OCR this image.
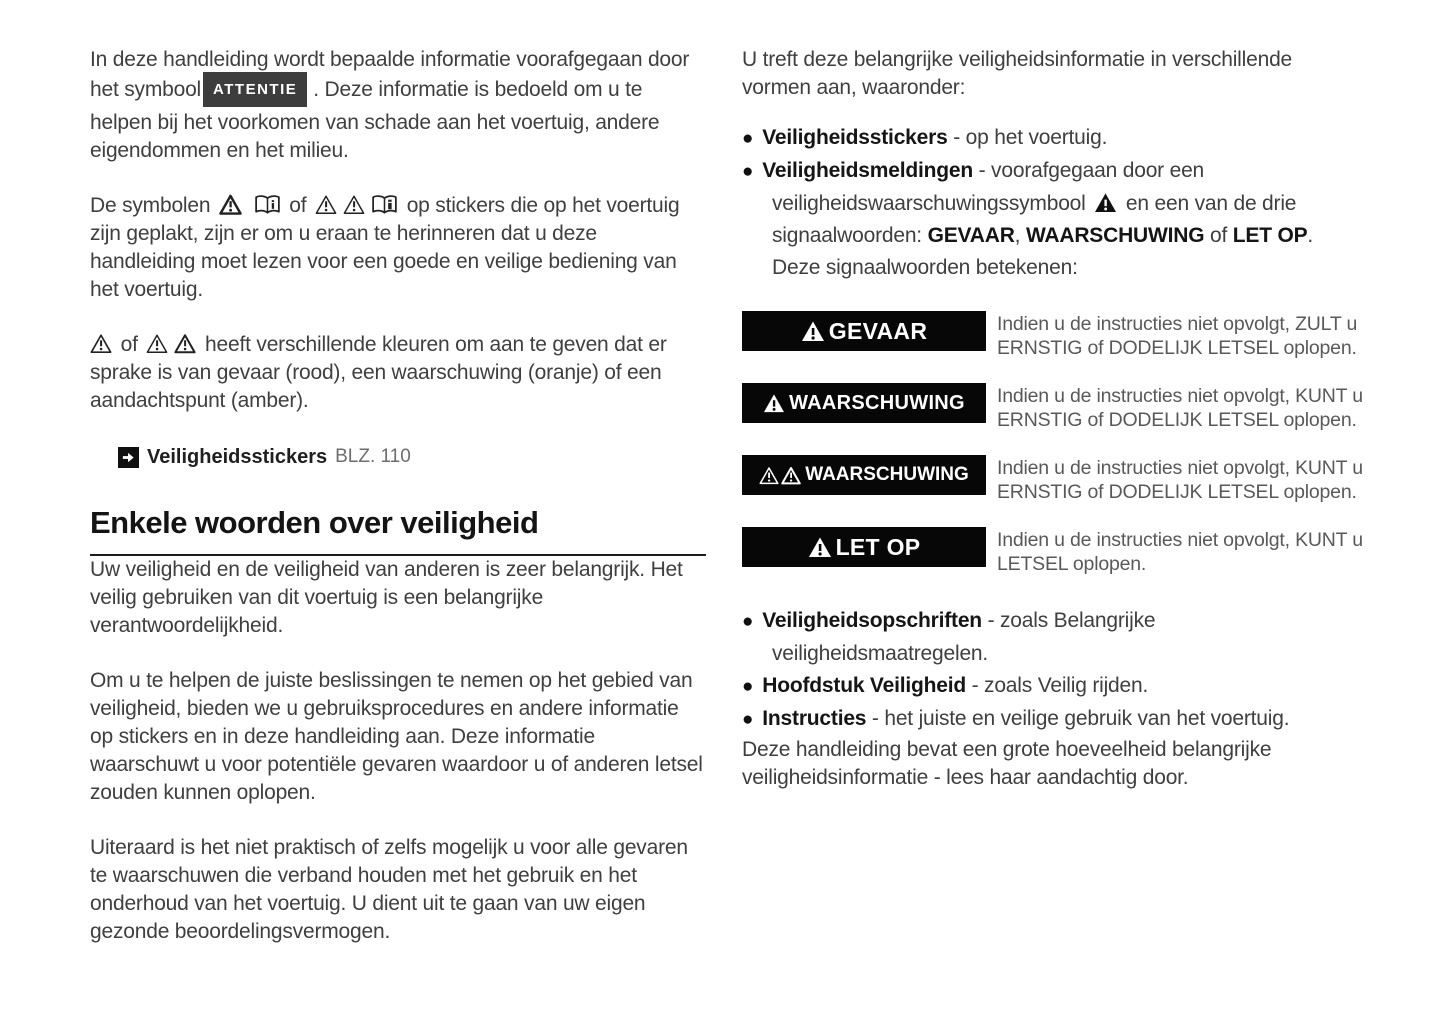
In deze handleiding wordt bepaalde informatie voorafgegaan door het symbool ATTENTIE . Deze informatie is bedoeld om u te helpen bij het voorkomen van schade aan het voertuig, andere eigendommen en het milieu.

De symbolen
	of	op stickers die op het voertuig zijn geplakt, zijn er om u eraan te herinneren dat u deze handleiding moet lezen voor een goede en veilige bediening van het voertuig.

of	heeft verschillende kleuren om aan te geven dat er sprake is van gevaar (rood), een waarschuwing (oranje) of een aandachtspunt (amber).

Veiligheidsstickers BLZ. 110
Enkele woorden over veiligheid

Uw veiligheid en de veiligheid van anderen is zeer belangrijk. Het veilig gebruiken van dit voertuig is een belangrijke verantwoordelijkheid.

Om u te helpen de juiste beslissingen te nemen op het gebied van veiligheid, bieden we u gebruiksprocedures en andere informatie op stickers en in deze handleiding aan. Deze informatie waarschuwt u voor potentiële gevaren waardoor u of anderen letsel zouden kunnen oplopen.

Uiteraard is het niet praktisch of zelfs mogelijk u voor alle gevaren te waarschuwen die verband houden met het gebruik en het onderhoud van het voertuig. U dient uit te gaan van uw eigen gezonde beoordelingsvermogen.

U treft deze belangrijke veiligheidsinformatie in verschillende vormen aan, waaronder:

● Veiligheidsstickers - op het voertuig.
● Veiligheidsmeldingen - voorafgegaan door een veiligheidswaarschuwingssymbool en een van de drie signaalwoorden: GEVAAR, WAARSCHUWING of LET OP. Deze signaalwoorden betekenen:
GEVAAR	Indien u de instructies niet opvolgt, ZULT u ERNSTIG of DODELIJK LETSEL oplopen.
WAARSCHUWING Indien u de instructies niet opvolgt, KUNT u ERNSTIG of DODELIJK LETSEL oplopen.
WAARSCHUWING Indien u de instructies niet opvolgt, KUNT u ERNSTIG of DODELIJK LETSEL oplopen.
LET OP	Indien u de instructies niet opvolgt, KUNT u LETSEL oplopen.
● Veiligheidsopschriften - zoals Belangrijke veiligheidsmaatregelen.
● Hoofdstuk Veiligheid - zoals Veilig rijden.
● Instructies - het juiste en veilige gebruik van het voertuig.

Deze handleiding bevat een grote hoeveelheid belangrijke veiligheidsinformatie - lees haar aandachtig door.
